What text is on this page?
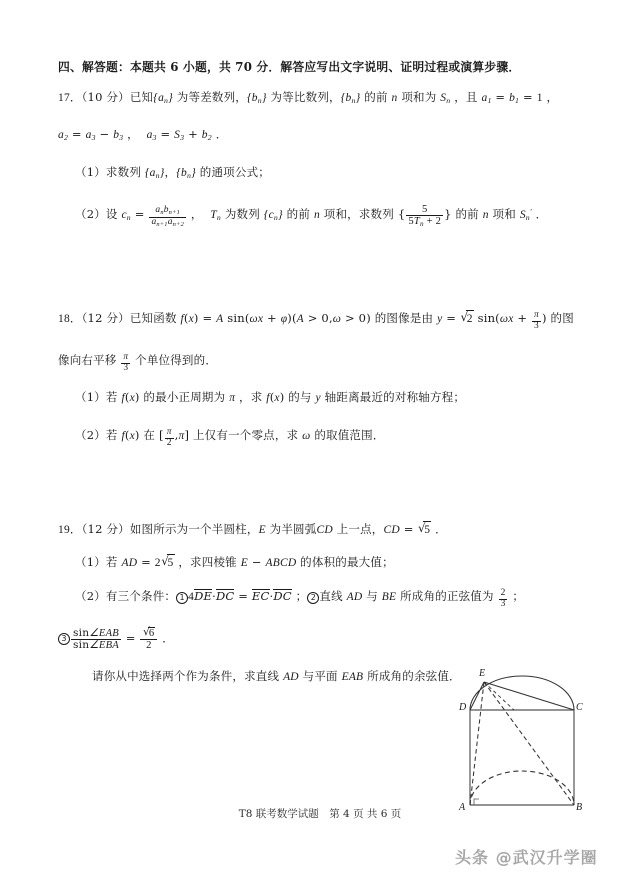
四、解答题：本题共 6 小题，共 70 分．解答应写出文字说明、证明过程或演算步骤．
17．（10 分）已知$\{a_n\}$ 为等差数列，$\{b_n\}$ 为等比数列，$\{b_n\}$ 的前 n 项和为 $S_n$ ，且 $a_1 = b_1 = 1$ ，
$a_2 = a_3 - b_3$ ，  $a_3 = S_3 + b_2$ ．
（1）求数列 $\{a_n\}$，$\{b_n\}$ 的通项公式；
（2）设 $c_n = \frac{a_nb_{n+1}}{a_{n+1}a_{n+2}}$ ，  $T_n$ 为数列 $\{c_n\}$ 的前 n 项和，求数列 { $\frac{5}{5T_n + 2}$ } 的前 n 项和 $S_n'$ ．
18．（12 分）已知函数 f(x) = A sin(ωx + φ)(A > 0,ω > 0) 的图像是由 y = √ 2 $\sin(\omega x + \frac{\pi}{3}$ ) 的图
像向右平移 $\frac{\pi}{3}$ 个单位得到的．
（1）若 f(x) 的最小正周期为 π ，求 f(x) 的与 y 轴距离最近的对称轴方程；
（2）若 f(x) 在 [ $\frac{\pi}{2} ,\pi$] 上仅有一个零点，求 ω 的取值范围．
19．（12 分）如图所示为一个半圆柱，E 为半圆弧CD 上一点，CD = √ 5 ．
（1）若 AD = 2 √ 5 ，求四棱锥 E − ABCD 的体积的最大值；
（2）有三个条件： 1 4DE·DC = EC·DC ； 2 直线 AD 与 BE 所成角的正弦值为 $\frac{2}{3}$ ；
$3 \frac{\text{sin∠EAB}}{\text{sin∠EBA}}$ = √ $\frac{6}{2}$ ．
请你从中选择两个作为条件，求直线 AD 与平面 EAB 所成角的余弦值． E
D	C
A	B
T8 联考数学试题　第 4 页 共 6 页
头条 @武汉升学圈
